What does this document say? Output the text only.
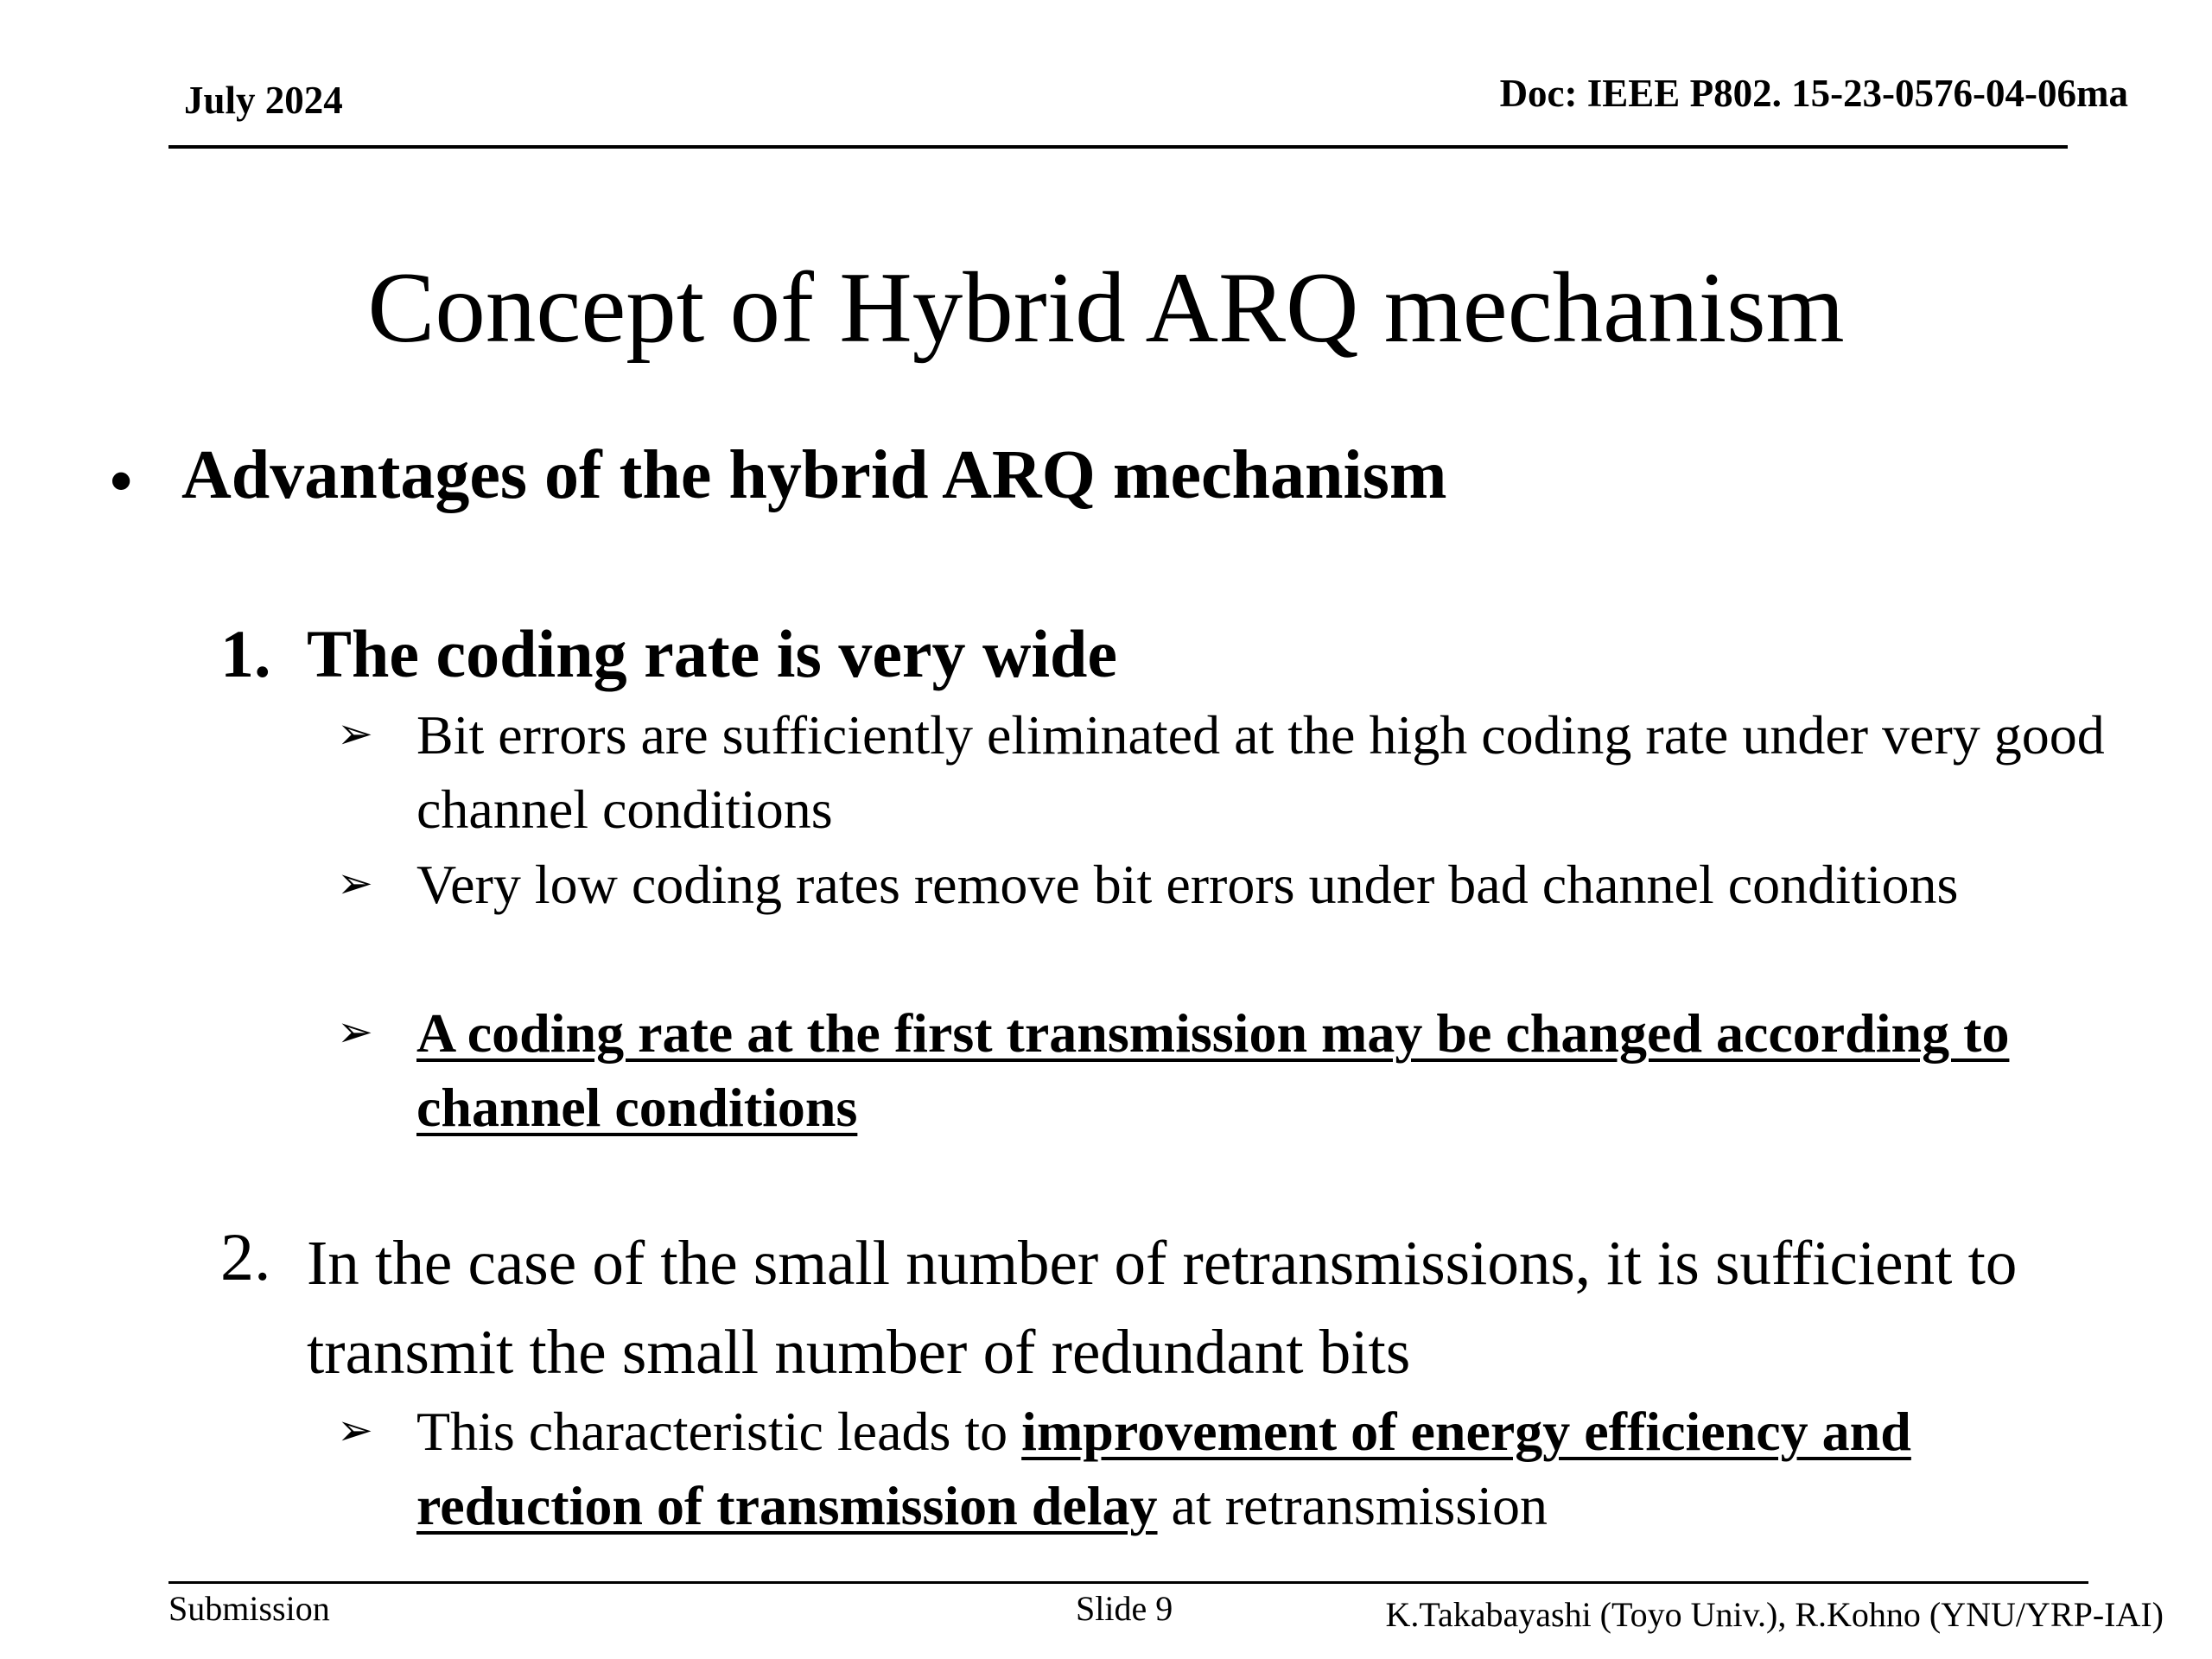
July 2024	Doc: IEEE P802. 15-23-0576-04-06ma
Concept of Hybrid ARQ mechanism
• Advantages of the hybrid ARQ mechanism
1. The coding rate is very wide
➢ Bit errors are sufficiently eliminated at the high coding rate under very good channel conditions
➢ Very low coding rates remove bit errors under bad channel conditions
➢ A coding rate at the first transmission may be changed according to channel conditions
2. In the case of the small number of retransmissions, it is sufficient to transmit the small number of redundant bits
➢ This characteristic leads to improvement of energy efficiency and reduction of transmission delay at retransmission
Submission	Slide 9	K.Takabayashi (Toyo Univ.), R.Kohno (YNU/YRP-IAI)
